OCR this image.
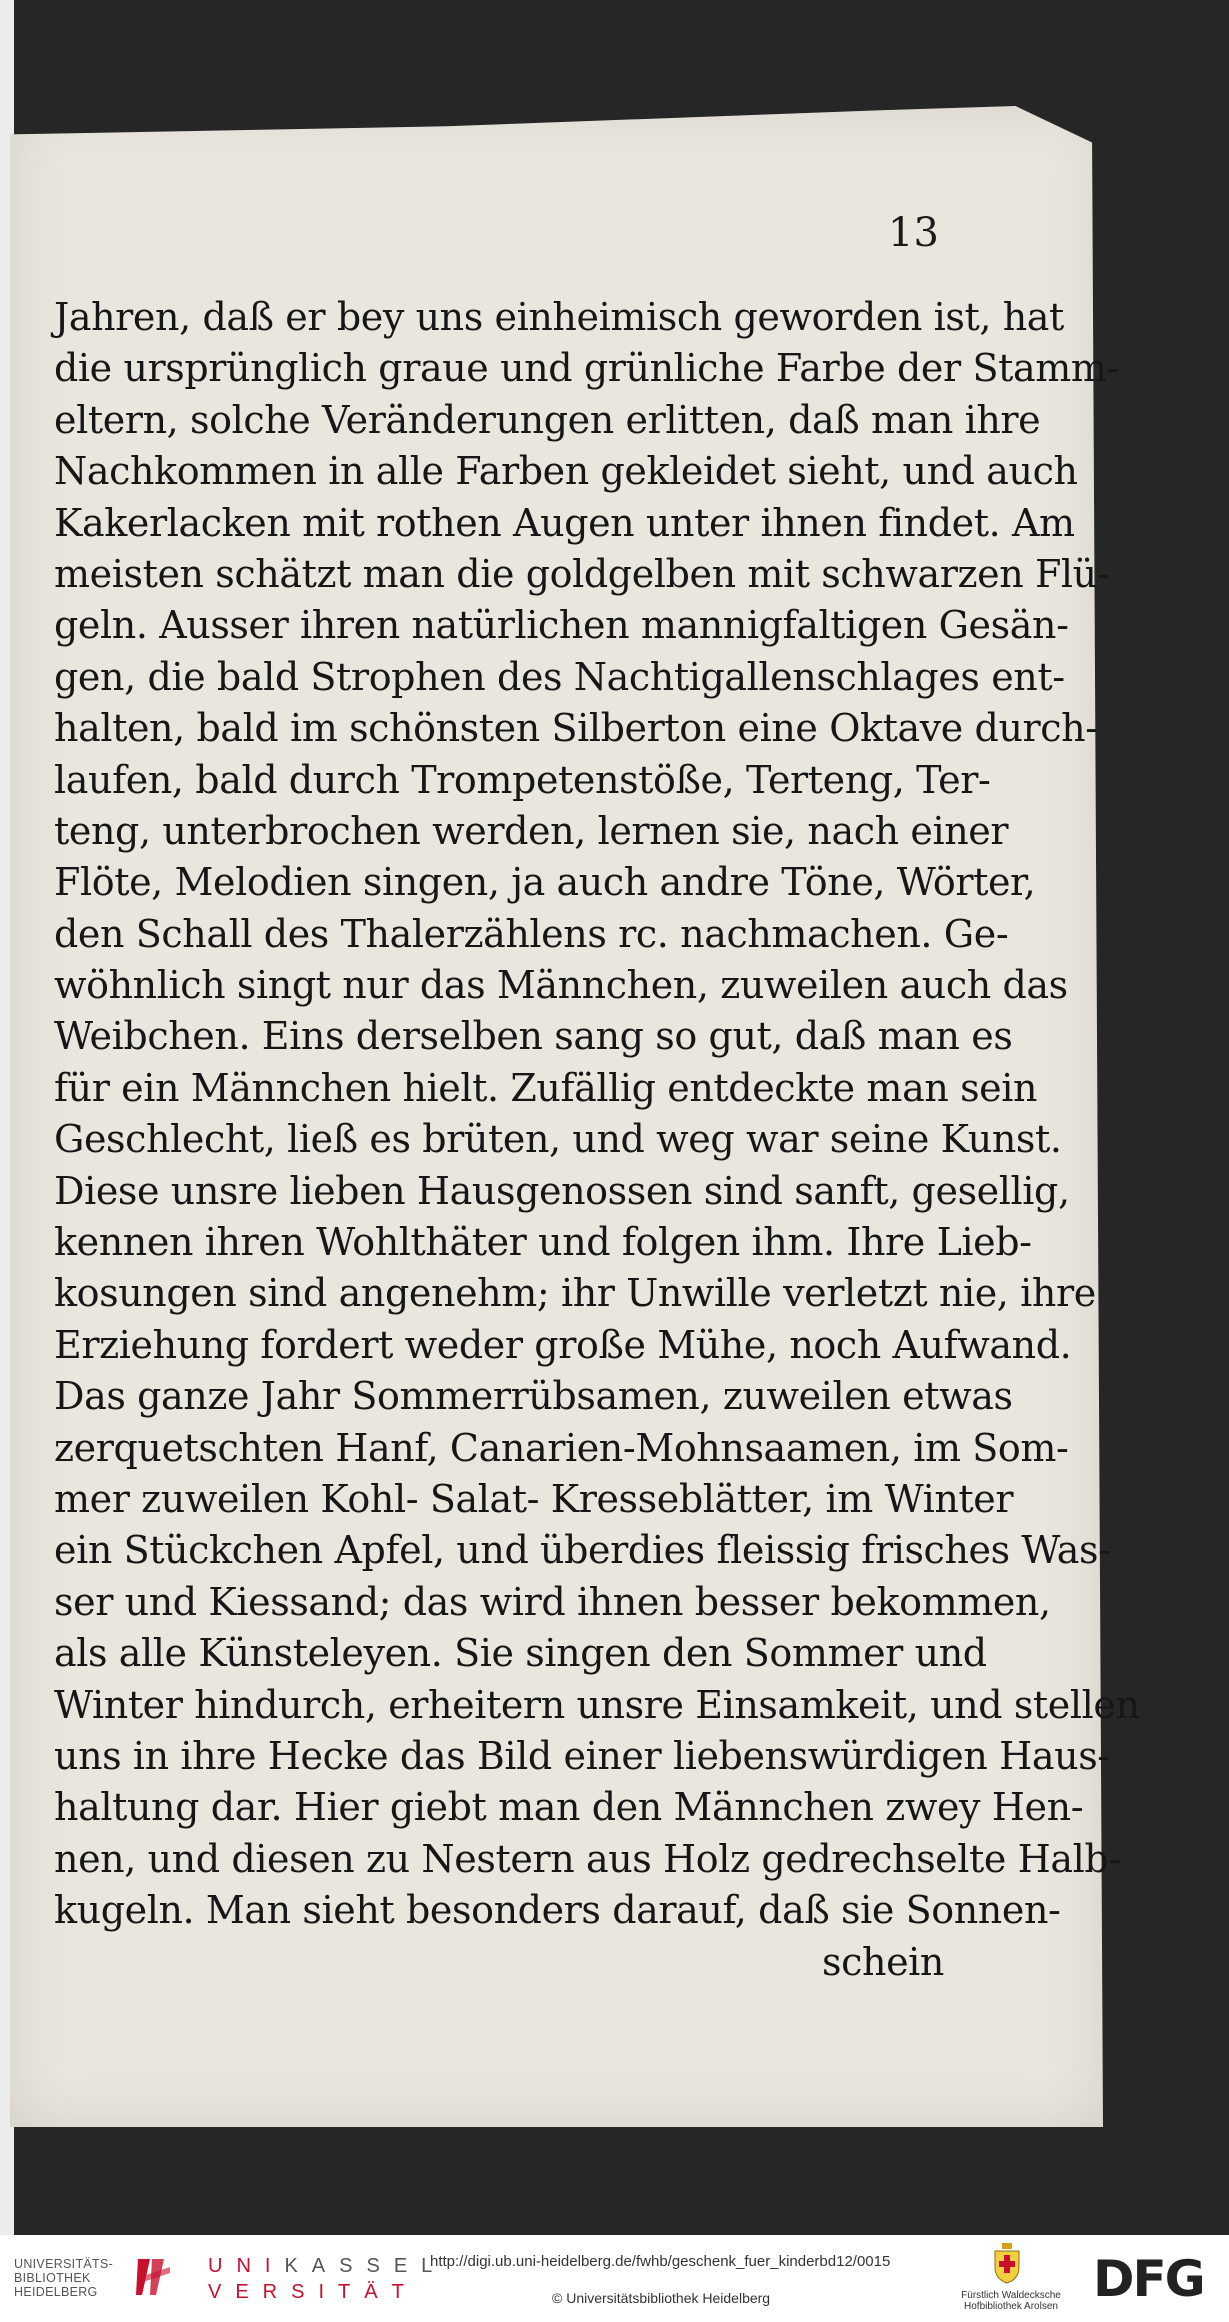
13
Jahren, daß er bey uns einheimisch geworden ist, hat
die ursprünglich graue und grünliche Farbe der Stamm-
eltern, solche Veränderungen erlitten, daß man ihre
Nachkommen in alle Farben gekleidet sieht, und auch
Kakerlacken mit rothen Augen unter ihnen findet. Am
meisten schätzt man die goldgelben mit schwarzen Flü-
geln. Ausser ihren natürlichen mannigfaltigen Gesän-
gen, die bald Strophen des Nachtigallenschlages ent-
halten, bald im schönsten Silberton eine Oktave durch-
laufen, bald durch Trompetenstöße, Terteng, Ter-
teng, unterbrochen werden, lernen sie, nach einer
Flöte, Melodien singen, ja auch andre Töne, Wörter,
den Schall des Thalerzählens rc. nachmachen. Ge-
wöhnlich singt nur das Männchen, zuweilen auch das
Weibchen. Eins derselben sang so gut, daß man es
für ein Männchen hielt. Zufällig entdeckte man sein
Geschlecht, ließ es brüten, und weg war seine Kunst.
Diese unsre lieben Hausgenossen sind sanft, gesellig,
kennen ihren Wohlthäter und folgen ihm. Ihre Lieb-
kosungen sind angenehm; ihr Unwille verletzt nie, ihre
Erziehung fordert weder große Mühe, noch Aufwand.
Das ganze Jahr Sommerrübsamen, zuweilen etwas
zerquetschten Hanf, Canarien-Mohnsaamen, im Som-
mer zuweilen Kohl- Salat- Kresseblätter, im Winter
ein Stückchen Apfel, und überdies fleissig frisches Was-
ser und Kiessand; das wird ihnen besser bekommen,
als alle Künsteleyen. Sie singen den Sommer und
Winter hindurch, erheitern unsre Einsamkeit, und stellen
uns in ihre Hecke das Bild einer liebenswürdigen Haus-
haltung dar. Hier giebt man den Männchen zwey Hen-
nen, und diesen zu Nestern aus Holz gedrechselte Halb-
kugeln. Man sieht besonders darauf, daß sie Sonnen-
schein
UNIVERSITÄTS-
BIBLIOTHEK
HEIDELBERG
UNIKASSEL
VERSITÄT
http://digi.ub.uni-heidelberg.de/fwhb/geschenk_fuer_kinderbd12/0015
© Universitätsbibliothek Heidelberg	Fürstlich Waldecksche
Hofbibliothek Arolsen DFG
